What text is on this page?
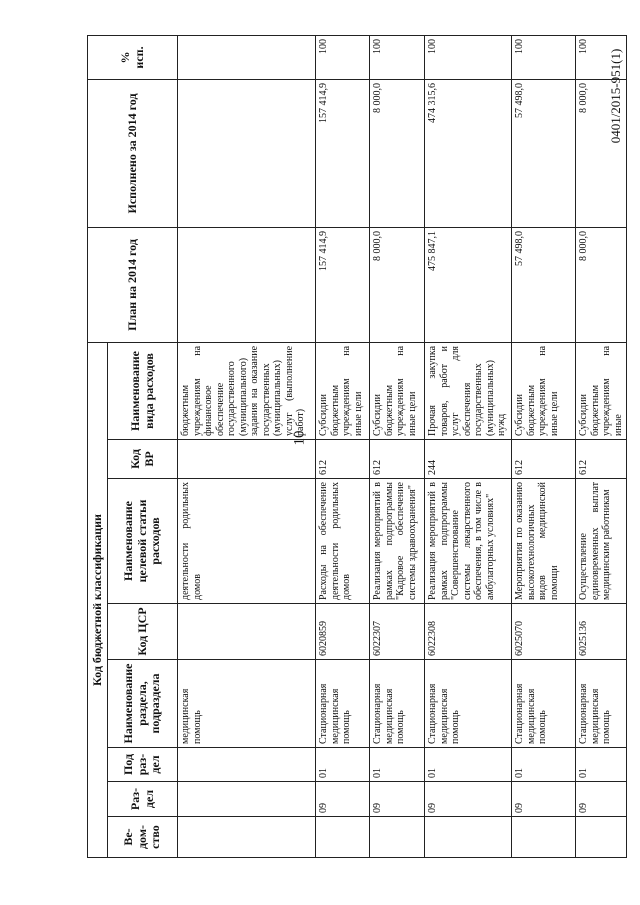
10
0401/2015-951(1)
Код бюджетной классификации								План на 2014 год	Исполнено за 2014 год	% исп.
Ве-дом-ство	Раз-дел	Под раз-дел	Наименование раздела, подраздела	Код ЦСР	Наименование целевой статьи расходов	Код ВР	Наименование вида расходов			
			медицинская помощь		деятельности родильных домов		бюджетным учреждениям на финансовое обеспечение государственного (муниципального) задания на оказание государственных (муниципальных) услуг (выполнение работ)			
	09	01	Стационарная медицинская помощь	6020859	Расходы на обеспечение деятельности родильных домов	612	Субсидии бюджетным учреждениям на иные цели	157 414,9	157 414,9	100
	09	01	Стационарная медицинская помощь	6022307	Реализация мероприятий в рамках подпрограммы "Кадровое обеспечение системы здравоохранения"	612	Субсидии бюджетным учреждениям на иные цели	8 000,0	8 000,0	100
	09	01	Стационарная медицинская помощь	6022308	Реализация мероприятий в рамках подпрограммы "Совершенствование системы лекарственного обеспечения, в том числе в амбулаторных условиях"	244	Прочая закупка товаров, работ и услуг для обеспечения государственных (муниципальных) нужд	475 847,1	474 315,6	100
	09	01	Стационарная медицинская помощь	6025070	Мероприятия по оказанию высокотехнологичных видов медицинской помощи	612	Субсидии бюджетным учреждениям на иные цели	57 498,0	57 498,0	100
	09	01	Стационарная медицинская помощь	6025136	Осуществление единовременных выплат медицинским работникам	612	Субсидии бюджетным учреждениям на иные	8 000,0	8 000,0	100
